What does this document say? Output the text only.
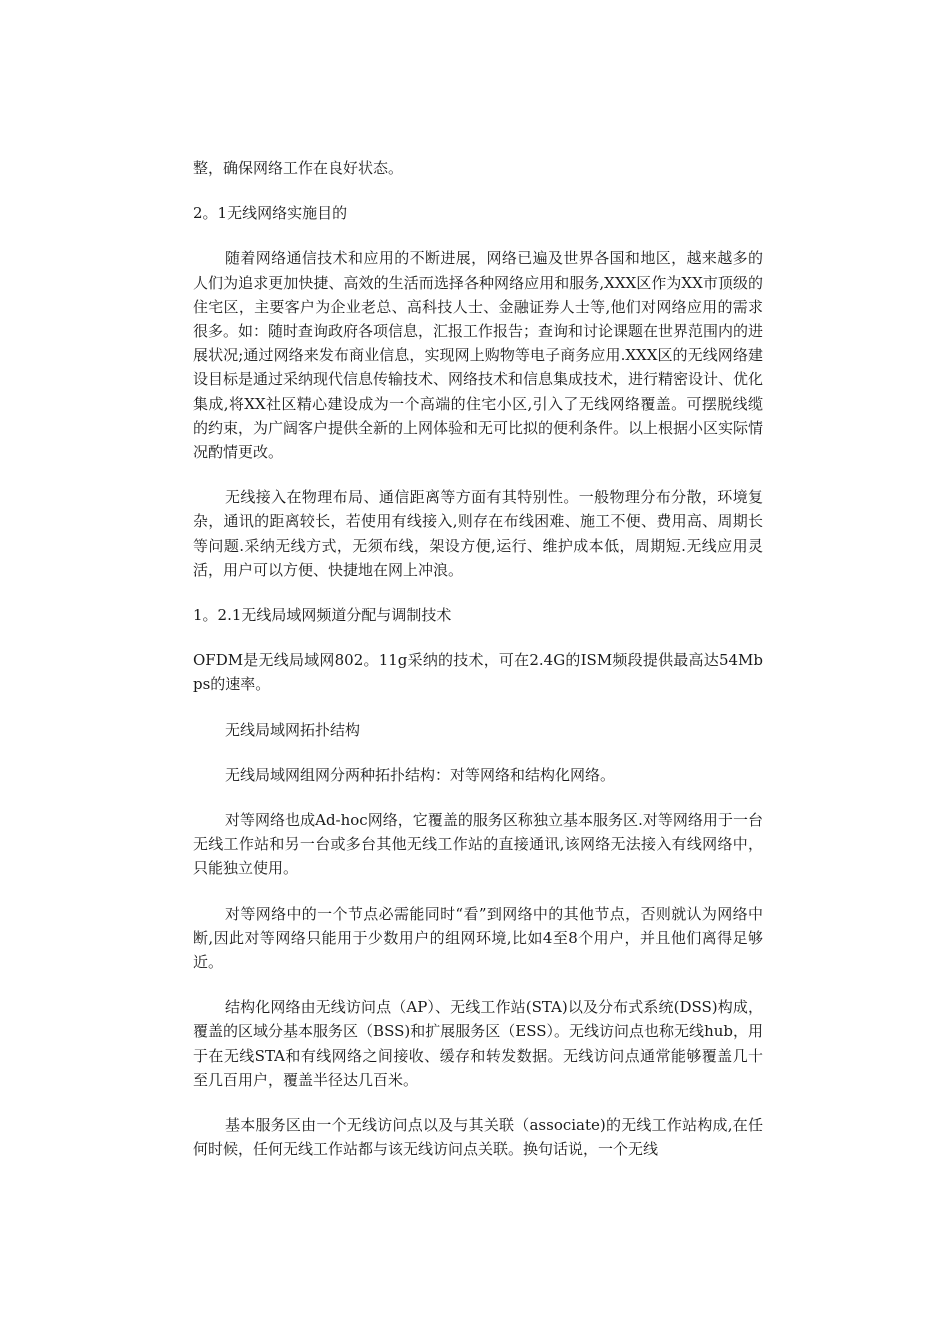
整，确保网络工作在良好状态。

2。1无线网络实施目的

随着网络通信技术和应用的不断进展，网络已遍及世界各国和地区，越来越多的人们为追求更加快捷、高效的生活而选择各种网络应用和服务,XXX区作为XX市顶级的住宅区，主要客户为企业老总、高科技人士、金融证券人士等,他们对网络应用的需求很多。如：随时查询政府各项信息，汇报工作报告；查询和讨论课题在世界范围内的进展状况;通过网络来发布商业信息，实现网上购物等电子商务应用.XXX区的无线网络建设目标是通过采纳现代信息传输技术、网络技术和信息集成技术，进行精密设计、优化集成,将XX社区精心建设成为一个高端的住宅小区,引入了无线网络覆盖。可摆脱线缆的约束，为广阔客户提供全新的上网体验和无可比拟的便利条件。以上根据小区实际情况酌情更改。

无线接入在物理布局、通信距离等方面有其特别性。一般物理分布分散，环境复杂，通讯的距离较长，若使用有线接入,则存在布线困难、施工不便、费用高、周期长等问题.采纳无线方式，无须布线，架设方便,运行、维护成本低，周期短.无线应用灵活，用户可以方便、快捷地在网上冲浪。

1。2.1无线局域网频道分配与调制技术

OFDM是无线局域网802。11g采纳的技术，可在2.4G的ISM频段提供最高达54Mbps的速率。

无线局域网拓扑结构

无线局域网组网分两种拓扑结构：对等网络和结构化网络。

对等网络也成Ad-hoc网络，它覆盖的服务区称独立基本服务区.对等网络用于一台无线工作站和另一台或多台其他无线工作站的直接通讯,该网络无法接入有线网络中，只能独立使用。

对等网络中的一个节点必需能同时“看”到网络中的其他节点，否则就认为网络中断,因此对等网络只能用于少数用户的组网环境,比如4至8个用户，并且他们离得足够近。

结构化网络由无线访问点（AP）、无线工作站(STA)以及分布式系统(DSS)构成，覆盖的区域分基本服务区（BSS)和扩展服务区（ESS）。无线访问点也称无线hub，用于在无线STA和有线网络之间接收、缓存和转发数据。无线访问点通常能够覆盖几十至几百用户，覆盖半径达几百米。

基本服务区由一个无线访问点以及与其关联（associate)的无线工作站构成,在任何时候，任何无线工作站都与该无线访问点关联。换句话说，一个无线
